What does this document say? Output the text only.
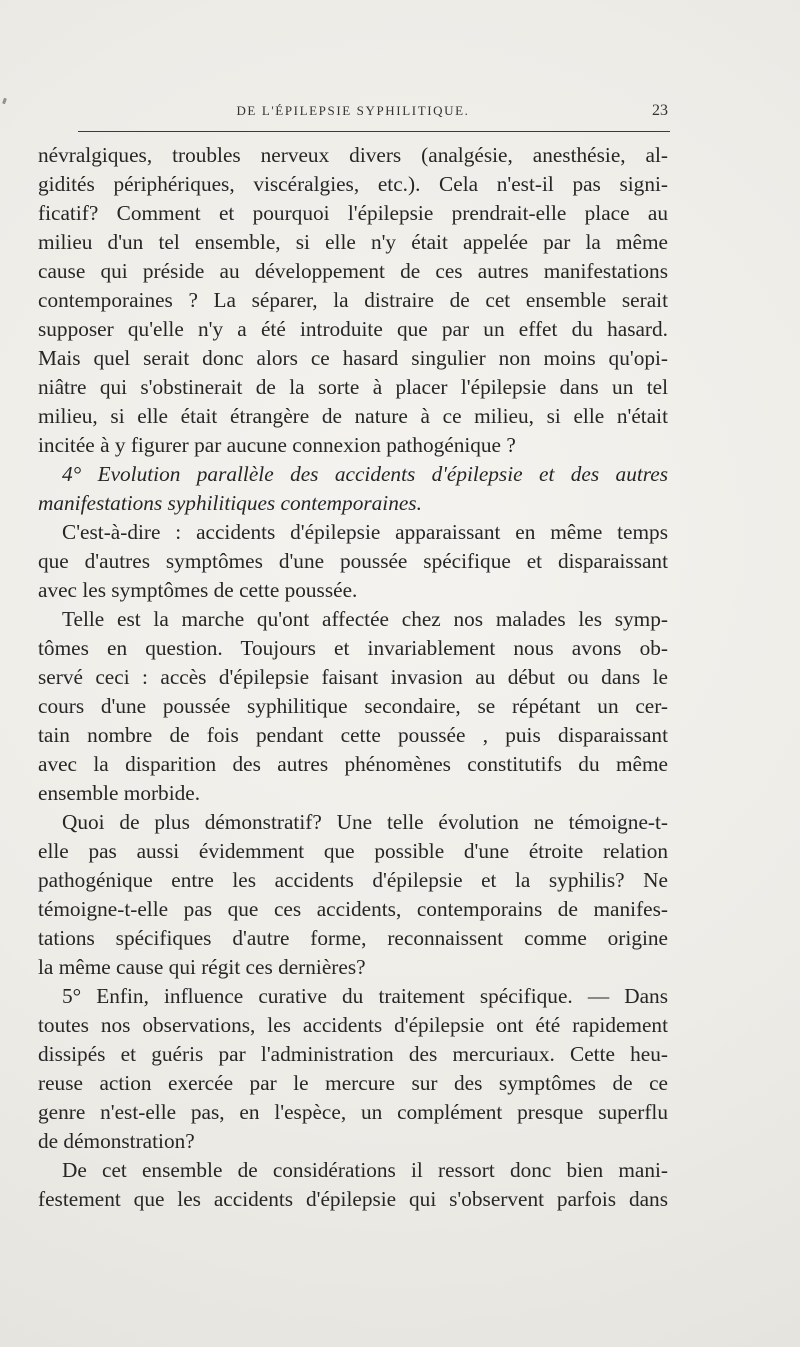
DE L'ÉPILEPSIE SYPHILITIQUE.	23
névralgiques, troubles nerveux divers (analgésie, anesthésie, al-
gidités périphériques, viscéralgies, etc.). Cela n'est-il pas signi-
ficatif? Comment et pourquoi l'épilepsie prendrait-elle place au
milieu d'un tel ensemble, si elle n'y était appelée par la même
cause qui préside au développement de ces autres manifestations
contemporaines ? La séparer, la distraire de cet ensemble serait
supposer qu'elle n'y a été introduite que par un effet du hasard.
Mais quel serait donc alors ce hasard singulier non moins qu'opi-
niâtre qui s'obstinerait de la sorte à placer l'épilepsie dans un tel
milieu, si elle était étrangère de nature à ce milieu, si elle n'était
incitée à y figurer par aucune connexion pathogénique ?
4° Evolution parallèle des accidents d'épilepsie et des autres
manifestations syphilitiques contemporaines.
C'est-à-dire : accidents d'épilepsie apparaissant en même temps
que d'autres symptômes d'une poussée spécifique et disparaissant
avec les symptômes de cette poussée.
Telle est la marche qu'ont affectée chez nos malades les symp-
tômes en question. Toujours et invariablement nous avons ob-
servé ceci : accès d'épilepsie faisant invasion au début ou dans le
cours d'une poussée syphilitique secondaire, se répétant un cer-
tain nombre de fois pendant cette poussée , puis disparaissant
avec la disparition des autres phénomènes constitutifs du même
ensemble morbide.
Quoi de plus démonstratif? Une telle évolution ne témoigne-t-
elle pas aussi évidemment que possible d'une étroite relation
pathogénique entre les accidents d'épilepsie et la syphilis? Ne
témoigne-t-elle pas que ces accidents, contemporains de manifes-
tations spécifiques d'autre forme, reconnaissent comme origine
la même cause qui régit ces dernières?
5° Enfin, influence curative du traitement spécifique. — Dans
toutes nos observations, les accidents d'épilepsie ont été rapidement
dissipés et guéris par l'administration des mercuriaux. Cette heu-
reuse action exercée par le mercure sur des symptômes de ce
genre n'est-elle pas, en l'espèce, un complément presque superflu
de démonstration?
De cet ensemble de considérations il ressort donc bien mani-
festement que les accidents d'épilepsie qui s'observent parfois dans
